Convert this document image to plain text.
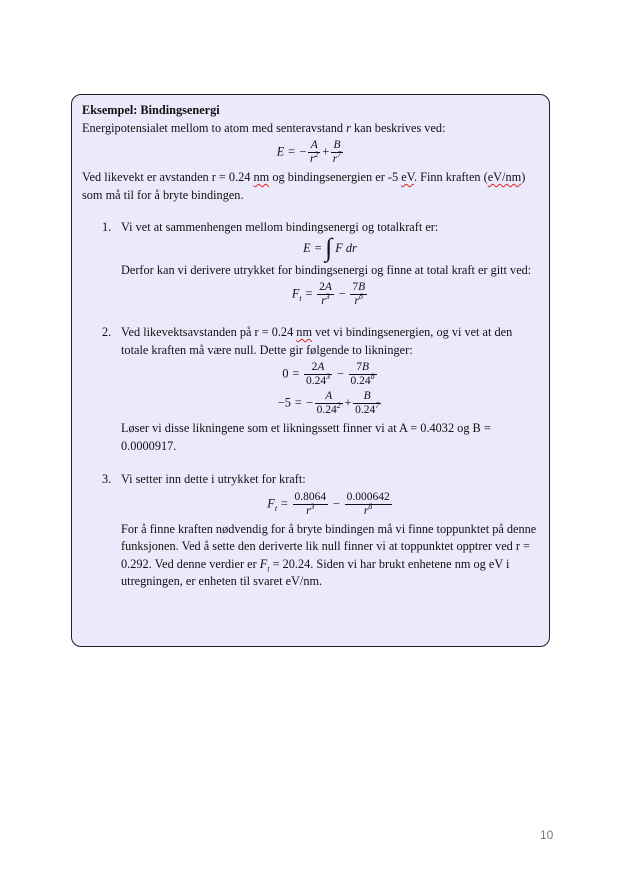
Eksempel: Bindingsenergi

Energipotensialet mellom to atom med senteravstand r kan beskrives ved:

E = − $\frac{A}{r^2} + \frac{B}{r^7}$

Ved likevekt er avstanden r = 0.24 nm og bindingsenergien er -5 eV. Finn kraften (eV/nm) som må til for å bryte bindingen.

1. Vi vet at sammenhengen mellom bindingsenergi og totalkraft er:

E = ∫ F dr

Derfor kan vi derivere utrykket for bindingsenergi og finne at total kraft er gitt ved:

$F_t = \frac{2A}{r^3} - \frac{7B}{r^8}$
2. Ved likevektsavstanden på r = 0.24 nm vet vi bindingsenergien, og vi vet at den totale kraften må være null. Dette gir følgende to likninger:

$0 = \frac{2A}{0.24^3} - \frac{7B}{0.24^8}$
−5 = − $\frac{A}{0.24^2} + \frac{B}{0.24^7}$

Løser vi disse likningene som et likningssett finner vi at A = 0.4032 og B = 0.0000917.

3. Vi setter inn dette i utrykket for kraft:

$F_t = \frac{0.8064}{r^3} - \frac{0.000642}{r^8}$

For å finne kraften nødvendig for å bryte bindingen må vi finne toppunktet på denne funksjonen. Ved å sette den deriverte lik null finner vi at toppunktet opptrer ved r = 0.292. Ved denne verdier er $F_t = 20.24$. Siden vi har brukt enhetene nm og eV i utregningen, er enheten til svaret eV/nm.

10
